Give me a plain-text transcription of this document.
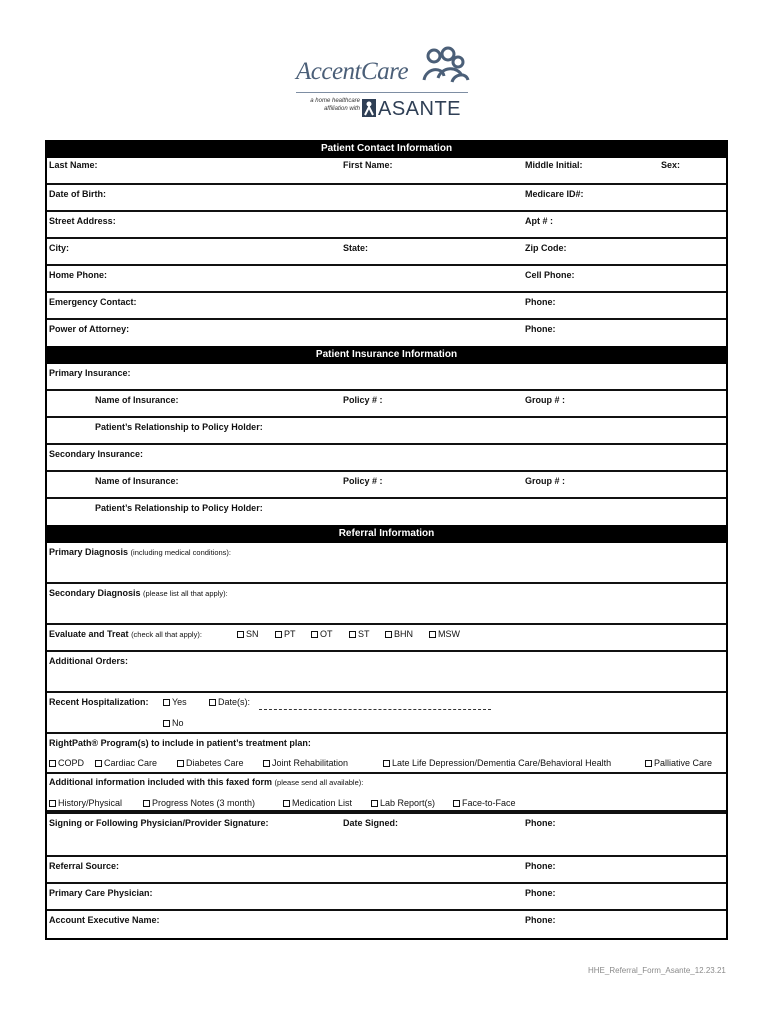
AccentCare
a home healthcare affiliation with ASANTE
Patient Contact Information
Last Name:	First Name:	Middle Initial:	Sex:
Date of Birth:	Medicare ID#:
Street Address:	Apt # :
City:	State:	Zip Code:
Home Phone:	Cell Phone:
Emergency Contact:	Phone:
Power of Attorney:	Phone:
Patient Insurance Information
Primary Insurance:
Name of Insurance:	Policy # :	Group # :
Patient’s Relationship to Policy Holder:
Secondary Insurance:
Name of Insurance:	Policy # :	Group # :
Patient’s Relationship to Policy Holder:
Referral Information
Primary Diagnosis (including medical conditions):
Secondary Diagnosis (please list all that apply):
Evaluate and Treat (check all that apply):	SN	PT	OT	ST	BHN	MSW
Additional Orders:
Recent Hospitalization:	Yes	Date(s):
No
RightPath® Program(s) to include in patient’s treatment plan:
COPD	Cardiac Care	Diabetes Care	Joint Rehabilitation	Late Life Depression/Dementia Care/Behavioral Health	Palliative Care
Additional information included with this faxed form (please send all available):
History/Physical	Progress Notes (3 month)	Medication List	Lab Report(s)	Face-to-Face
Signing or Following Physician/Provider Signature:	Date Signed:	Phone:
Referral Source:	Phone:
Primary Care Physician:	Phone:
Account Executive Name:	Phone:
HHE_Referral_Form_Asante_12.23.21
